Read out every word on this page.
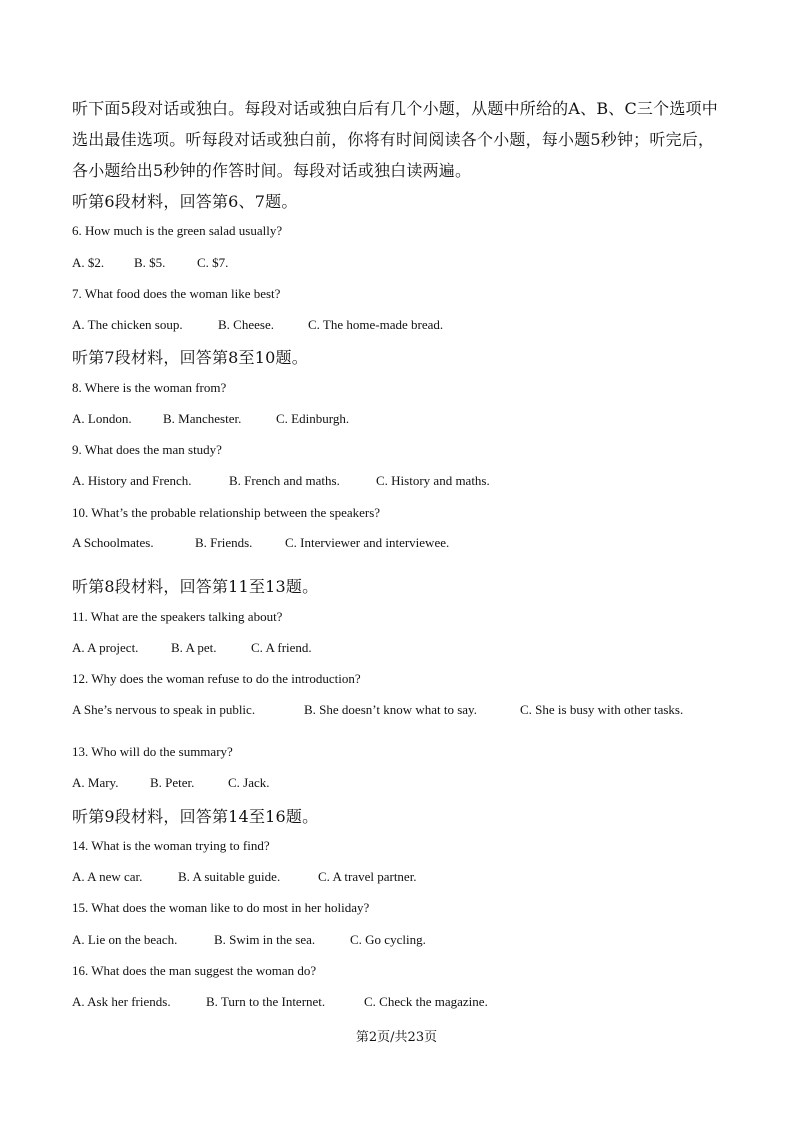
听下面5段对话或独白。每段对话或独白后有几个小题，从题中所给的A、B、C三个选项中
选出最佳选项。听每段对话或独白前，你将有时间阅读各个小题，每小题5秒钟；听完后，
各小题给出5秒钟的作答时间。每段对话或独白读两遍。
听第6段材料，回答第6、7题。
6. How much is the green salad usually?
A. $2. B. $5. C. $7.
7. What food does the woman like best?
A. The chicken soup.	B. Cheese.	C. The home-made bread.
听第7段材料，回答第8至10题。
8. Where is the woman from?
A. London. B. Manchester.	C. Edinburgh.
9. What does the man study?
A. History and French.	B. French and maths.	C. History and maths.
10. What’s the probable relationship between the speakers?
A Schoolmates.	B. Friends.	C. Interviewer and interviewee.
听第8段材料，回答第11至13题。
11. What are the speakers talking about?
A. A project.	B. A pet.	C. A friend.
12. Why does the woman refuse to do the introduction?
A She’s nervous to speak in public.	B. She doesn’t know what to say.	C. She is busy with other tasks.
13. Who will do the summary?
A. Mary. B. Peter.	C. Jack.
听第9段材料，回答第14至16题。
14. What is the woman trying to find?
A. A new car.	B. A suitable guide.	C. A travel partner.
15. What does the woman like to do most in her holiday?
A. Lie on the beach.	B. Swim in the sea.	C. Go cycling.
16. What does the man suggest the woman do?
A. Ask her friends.	B. Turn to the Internet.	C. Check the magazine.
第2页/共23页
